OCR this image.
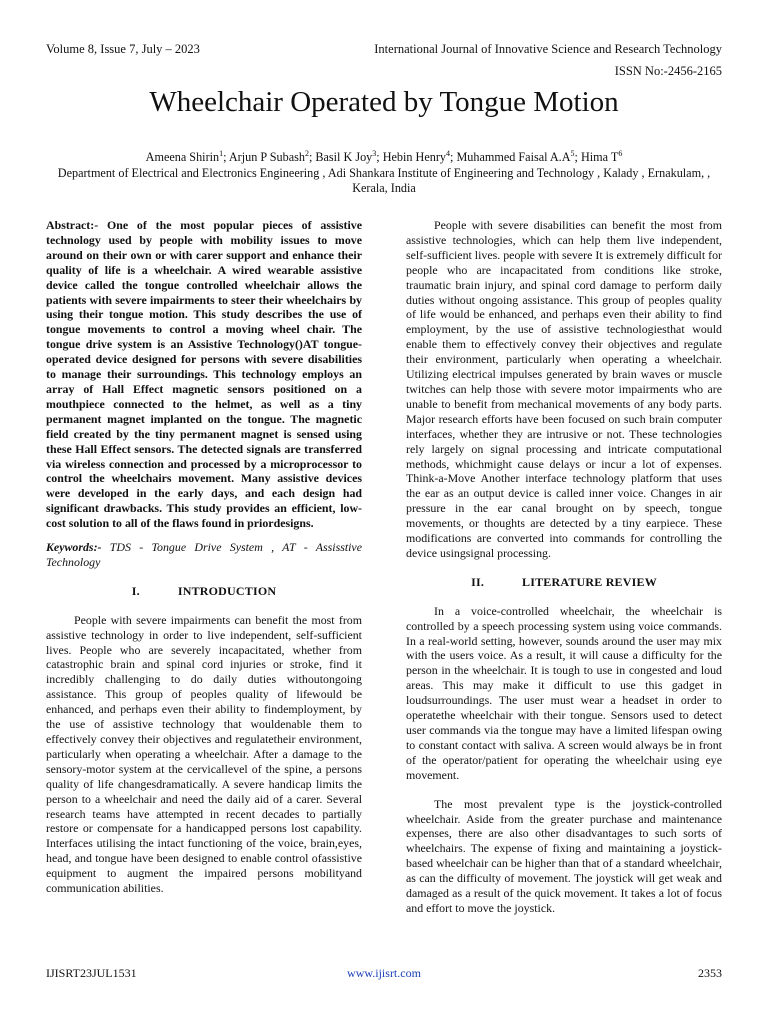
Volume 8, Issue 7, July – 2023	International Journal of Innovative Science and Research Technology
ISSN No:-2456-2165
Wheelchair Operated by Tongue Motion
Ameena Shirin$^1$; Arjun P Subash$^2$; Basil K Joy$^3$; Hebin Henry$^4$; Muhammed Faisal $A.A^5$; Hima $T^6$
Department of Electrical and Electronics Engineering , Adi Shankara Institute of Engineering and Technology , Kalady , Ernakulam, , Kerala, India

Abstract:- One of the most popular pieces of assistive technology used by people with mobility issues to move around on their own or with carer support and enhance their quality of life is a wheelchair. A wired wearable assistive device called the tongue controlled wheelchair allows the patients with severe impairments to steer their wheelchairs by using their tongue motion. This study describes the use of tongue movements to control a moving wheel chair. The tongue drive system is an Assistive Technology()AT tongue-operated device designed for persons with severe disabilities to manage their surroundings. This technology employs an array of Hall Effect magnetic sensors positioned on a mouthpiece connected to the helmet, as well as a tiny permanent magnet implanted on the tongue. The magnetic field created by the tiny permanent magnet is sensed using these Hall Effect sensors. The detected signals are transferred via wireless connection and processed by a microprocessor to control the wheelchairs movement. Many assistive devices were developed in the early days, and each design had significant drawbacks. This study provides an efficient, low-cost solution to all of the flaws found in priordesigns.

Keywords:- TDS - Tongue Drive System , AT - Assisstive Technology

I.	INTRODUCTION

People with severe impairments can benefit the most from assistive technology in order to live independent, self-sufficient lives. People who are severely incapacitated, whether from catastrophic brain and spinal cord injuries or stroke, find it incredibly challenging to do daily duties withoutongoing assistance. This group of peoples quality of lifewould be enhanced, and perhaps even their ability to findemployment, by the use of assistive technology that wouldenable them to effectively convey their objectives and regulatetheir environment, particularly when operating a wheelchair. After a damage to the sensory-motor system at the cervicallevel of the spine, a persons quality of life changesdramatically. A severe handicap limits the person to a wheelchair and need the daily aid of a carer. Several research teams have attempted in recent decades to partially restore or compensate for a handicapped persons lost capability. Interfaces utilising the intact functioning of the voice, brain,eyes, head, and tongue have been designed to enable control ofassistive equipment to augment the impaired persons mobilityand communication abilities.

People with severe disabilities can benefit the most from assistive technologies, which can help them live independent, self-sufficient lives. people with severe It is extremely difficult for people who are incapacitated from conditions like stroke, traumatic brain injury, and spinal cord damage to perform daily duties without ongoing assistance. This group of peoples quality of life would be enhanced, and perhaps even their ability to find employment, by the use of assistive technologiesthat would enable them to effectively convey their objectives and regulate their environment, particularly when operating a wheelchair. Utilizing electrical impulses generated by brain waves or muscle twitches can help those with severe motor impairments who are unable to benefit from mechanical movements of any body parts. Major research efforts have been focused on such brain computer interfaces, whether they are intrusive or not. These technologies rely largely on signal processing and intricate computational methods, whichmight cause delays or incur a lot of expenses. Think-a-Move Another interface technology platform that uses the ear as an output device is called inner voice. Changes in air pressure in the ear canal brought on by speech, tongue movements, or thoughts are detected by a tiny earpiece. These modifications are converted into commands for controlling the device usingsignal processing.

II.	LITERATURE REVIEW

In a voice-controlled wheelchair, the wheelchair is controlled by a speech processing system using voice commands. In a real-world setting, however, sounds around the user may mix with the users voice. As a result, it will cause a difficulty for the person in the wheelchair. It is tough to use in congested and loud areas. This may make it difficult to use this gadget in loudsurroundings. The user must wear a headset in order to operatethe wheelchair with their tongue. Sensors used to detect user commands via the tongue may have a limited lifespan owing to constant contact with saliva. A screen would always be in front of the operator/patient for operating the wheelchair using eye movement.

The most prevalent type is the joystick-controlled wheelchair. Aside from the greater purchase and maintenance expenses, there are also other disadvantages to such sorts of wheelchairs. The expense of fixing and maintaining a joystick-based wheelchair can be higher than that of a standard wheelchair, as can the difficulty of movement. The joystick will get weak and damaged as a result of the quick movement. It takes a lot of focus and effort to move the joystick.

IJISRT23JUL1531	www.ijisrt.com	2353
